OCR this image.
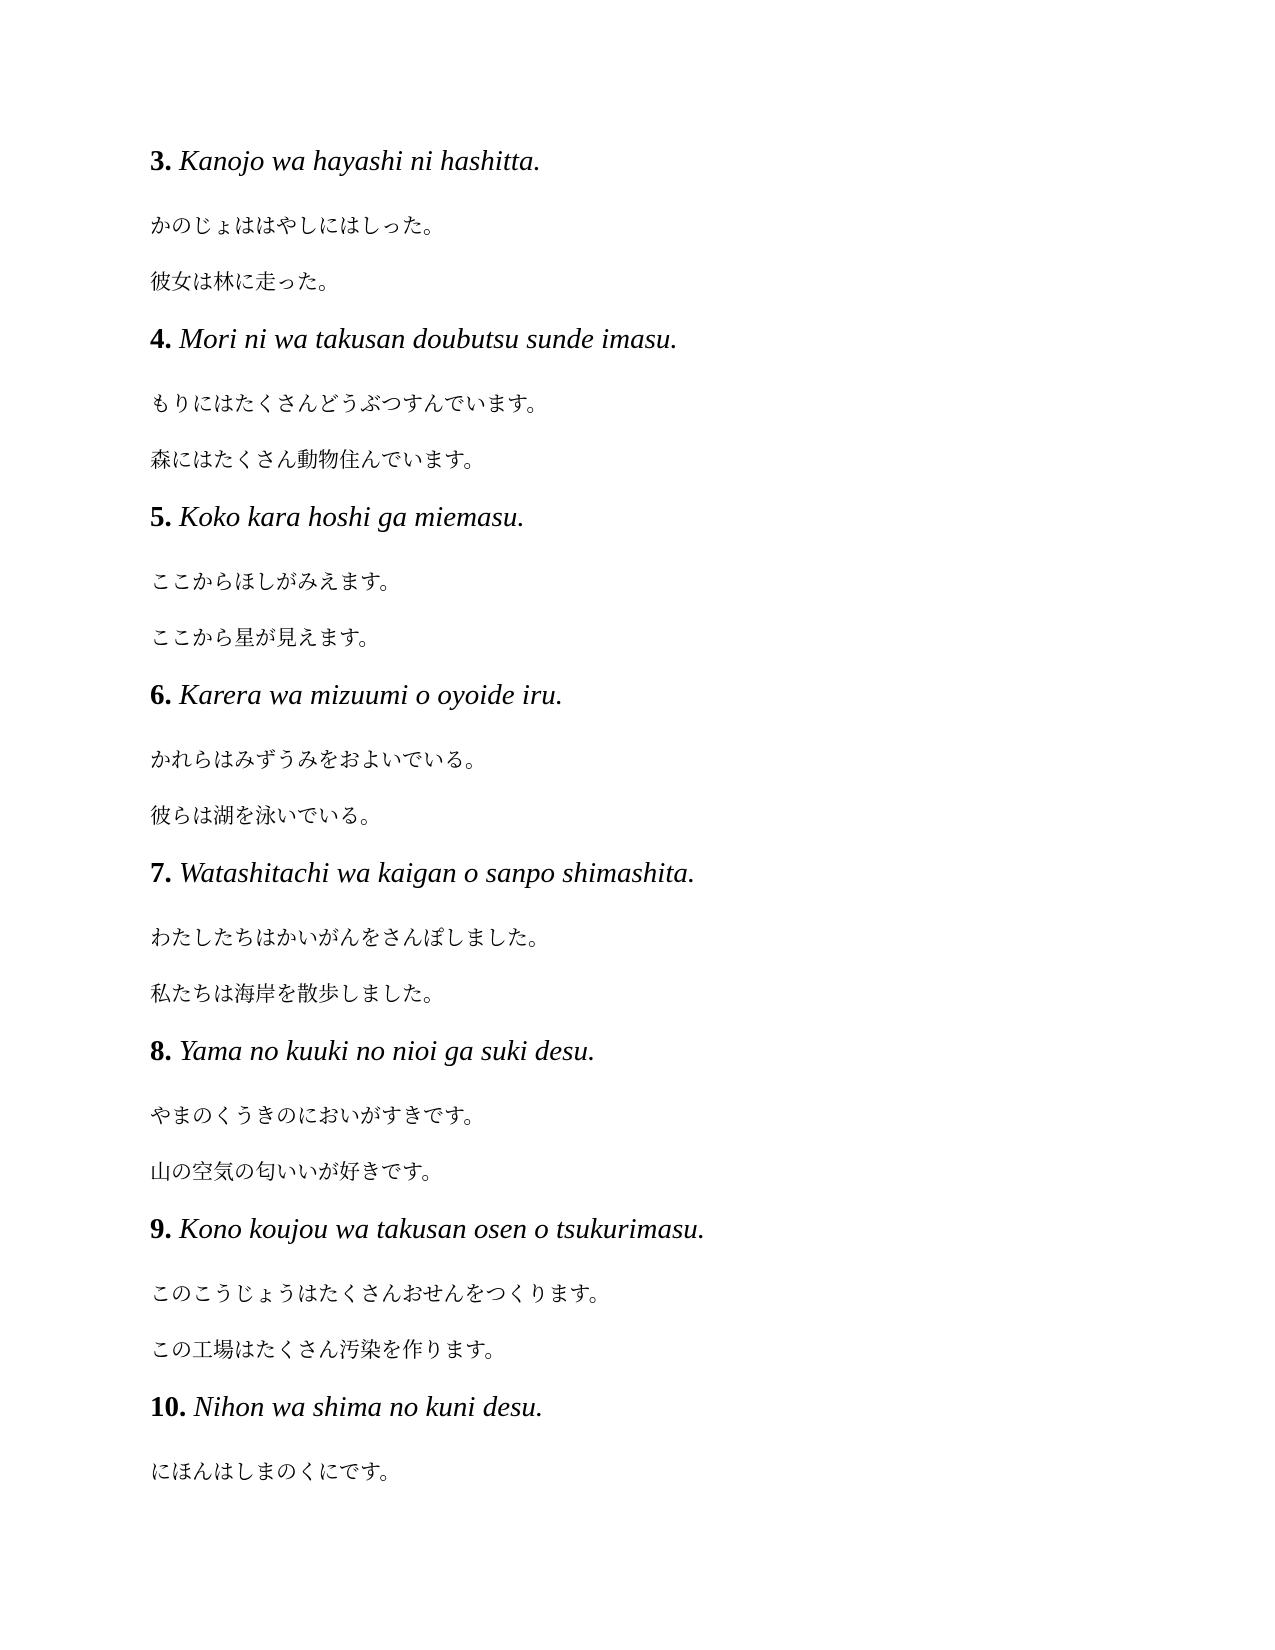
3. Kanojo wa hayashi ni hashitta.
かのじょははやしにはしった。
彼女は林に走った。
4. Mori ni wa takusan doubutsu sunde imasu.
もりにはたくさんどうぶつすんでいます。
森にはたくさん動物住んでいます。
5. Koko kara hoshi ga miemasu.
ここからほしがみえます。
ここから星が見えます。
6. Karera wa mizuumi o oyoide iru.
かれらはみずうみをおよいでいる。
彼らは湖を泳いでいる。
7. Watashitachi wa kaigan o sanpo shimashita.
わたしたちはかいがんをさんぽしました。
私たちは海岸を散歩しました。
8. Yama no kuuki no nioi ga suki desu.
やまのくうきのにおいがすきです。
山の空気の匂いいが好きです。
9. Kono koujou wa takusan osen o tsukurimasu.
このこうじょうはたくさんおせんをつくります。
この工場はたくさん汚染を作ります。
10. Nihon wa shima no kuni desu.
にほんはしまのくにです。
